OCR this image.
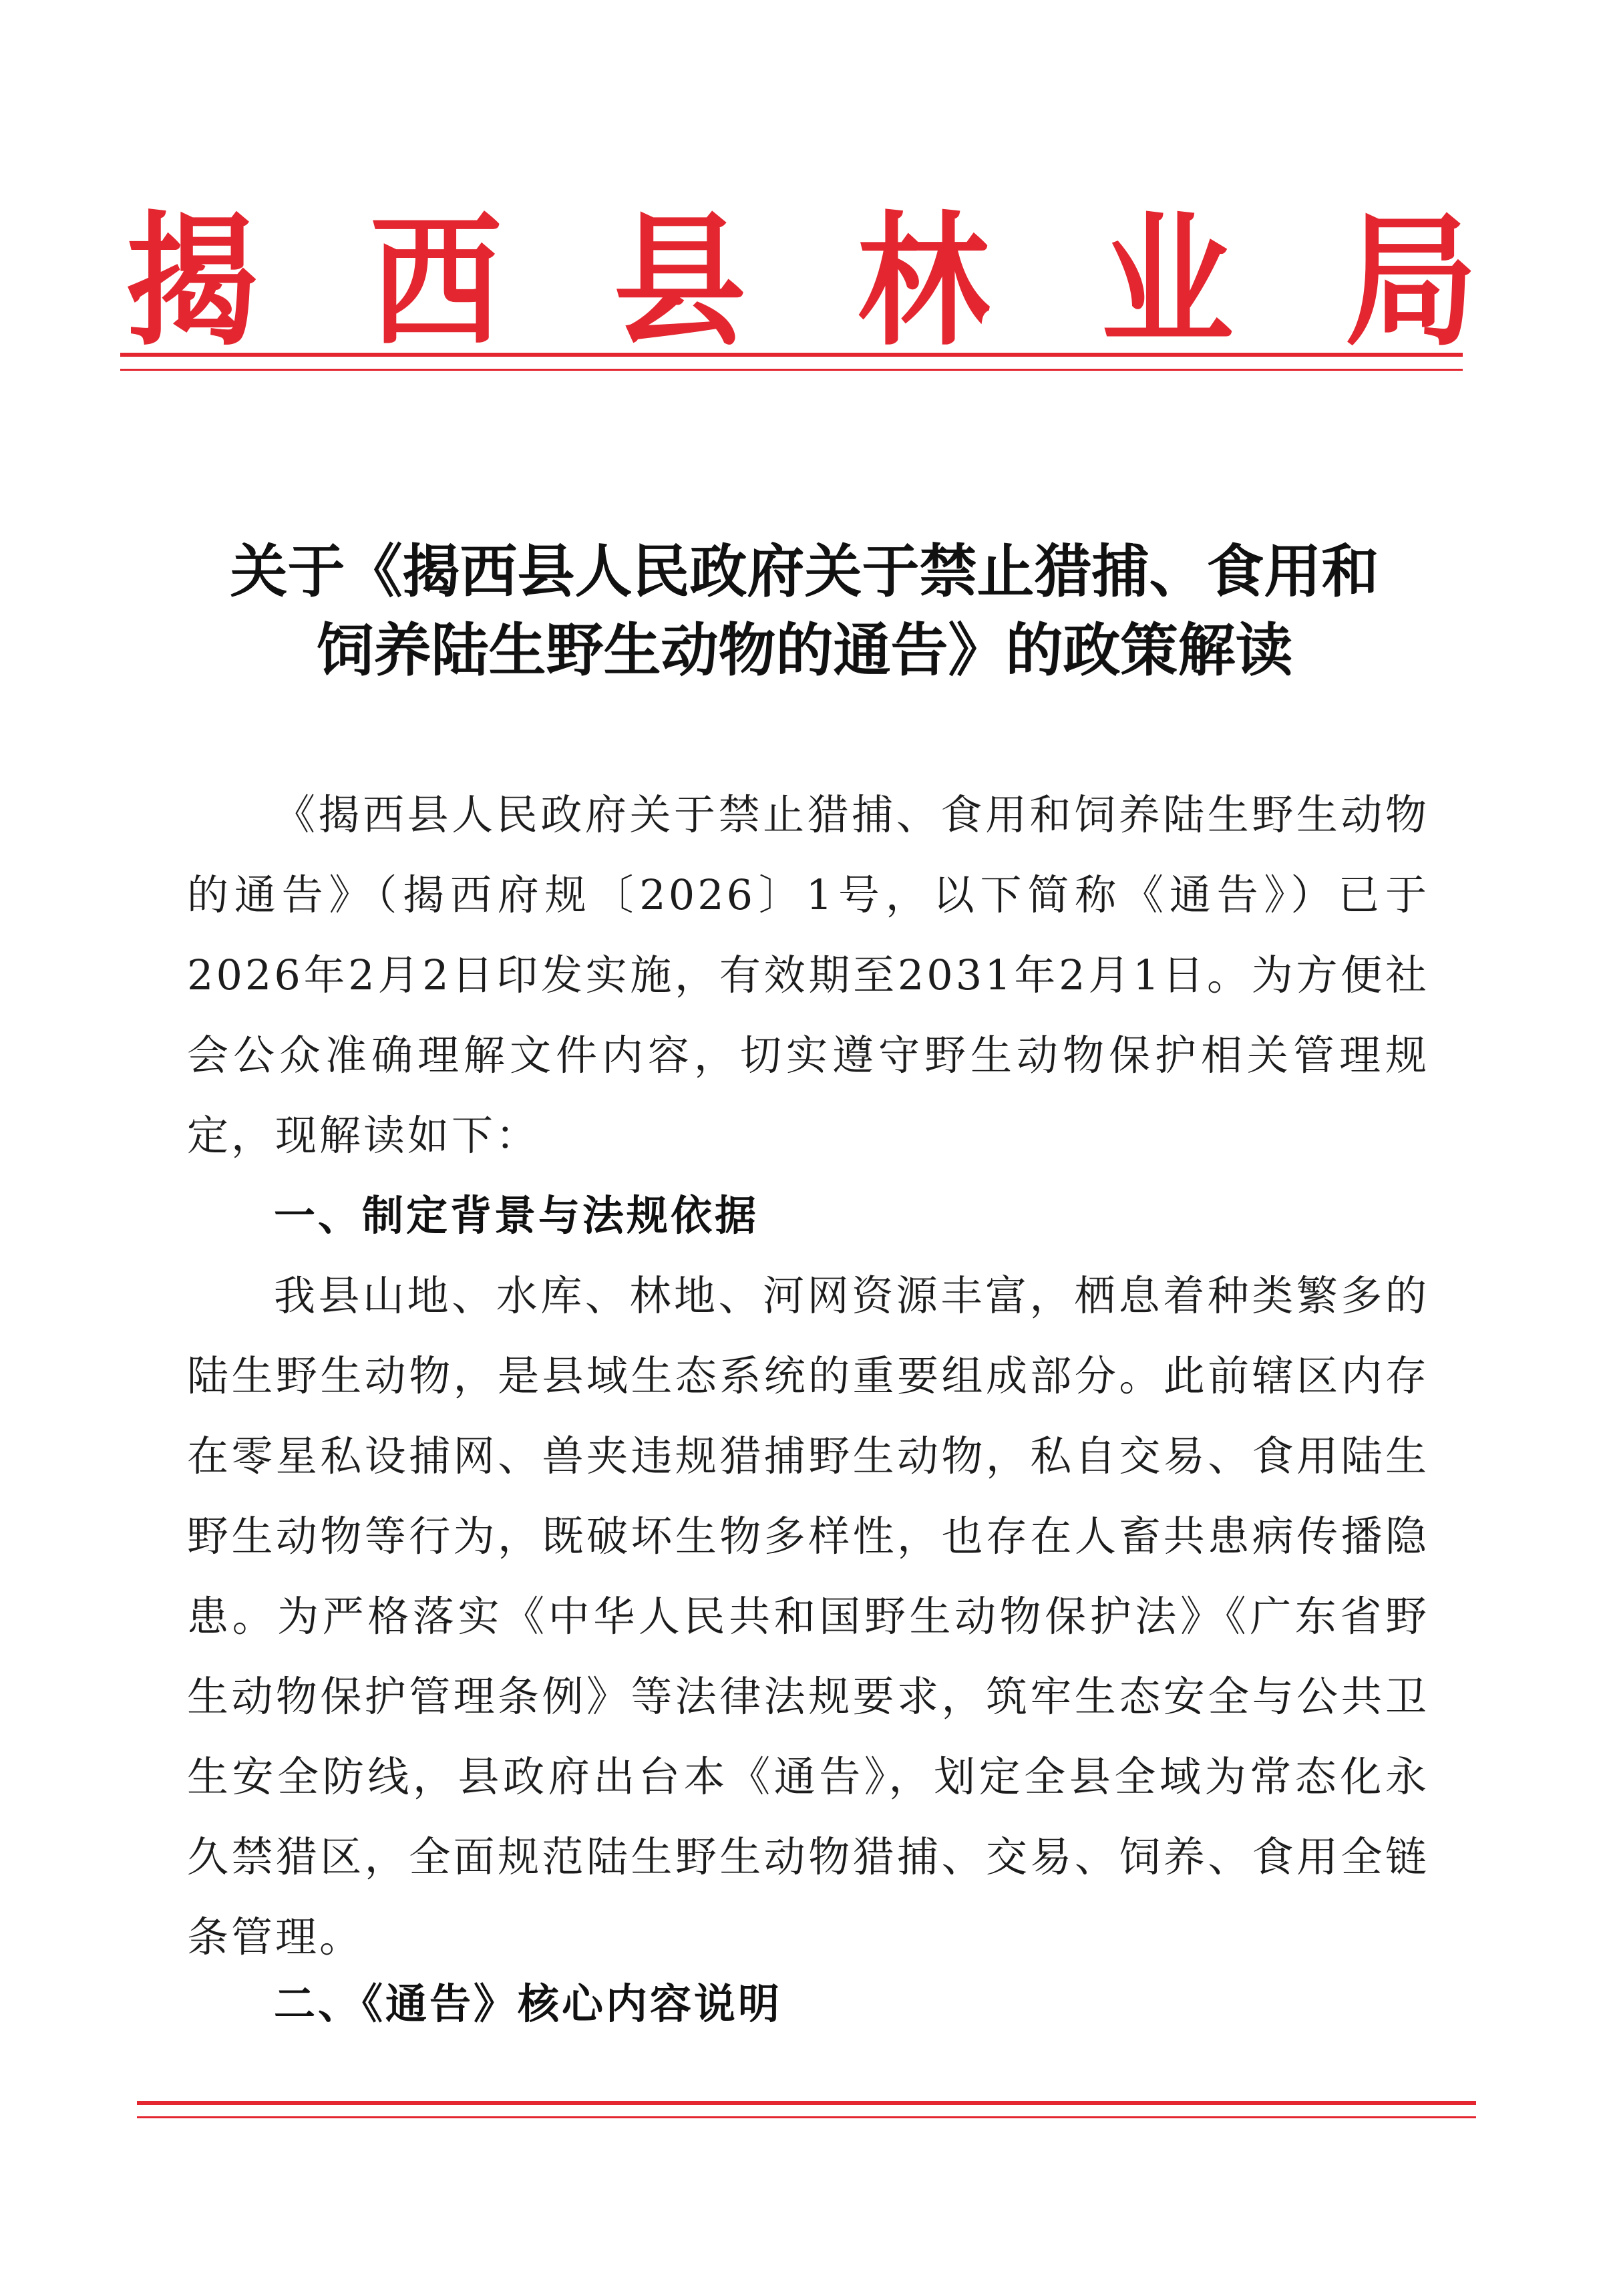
揭 西 县 林 业 局
关于《揭西县人民政府关于禁止猎捕、食用和
饲养陆生野生动物的通告》的政策解读

《揭西县人民政府关于禁止猎捕、食用和饲养陆生野生动物的通告》（揭西府规〔2026〕1号，以下简称《通告》）已于2026年2月2日印发实施，有效期至2031年2月1日。为方便社会公众准确理解文件内容，切实遵守野生动物保护相关管理规定，现解读如下：

一、制定背景与法规依据

我县山地、水库、林地、河网资源丰富，栖息着种类繁多的陆生野生动物，是县域生态系统的重要组成部分。此前辖区内存在零星私设捕网、兽夹违规猎捕野生动物，私自交易、食用陆生野生动物等行为，既破坏生物多样性，也存在人畜共患病传播隐患。为严格落实《中华人民共和国野生动物保护法》《广东省野生动物保护管理条例》等法律法规要求，筑牢生态安全与公共卫生安全防线，县政府出台本《通告》，划定全县全域为常态化永久禁猎区，全面规范陆生野生动物猎捕、交易、饲养、食用全链条管理。

二、《通告》核心内容说明
